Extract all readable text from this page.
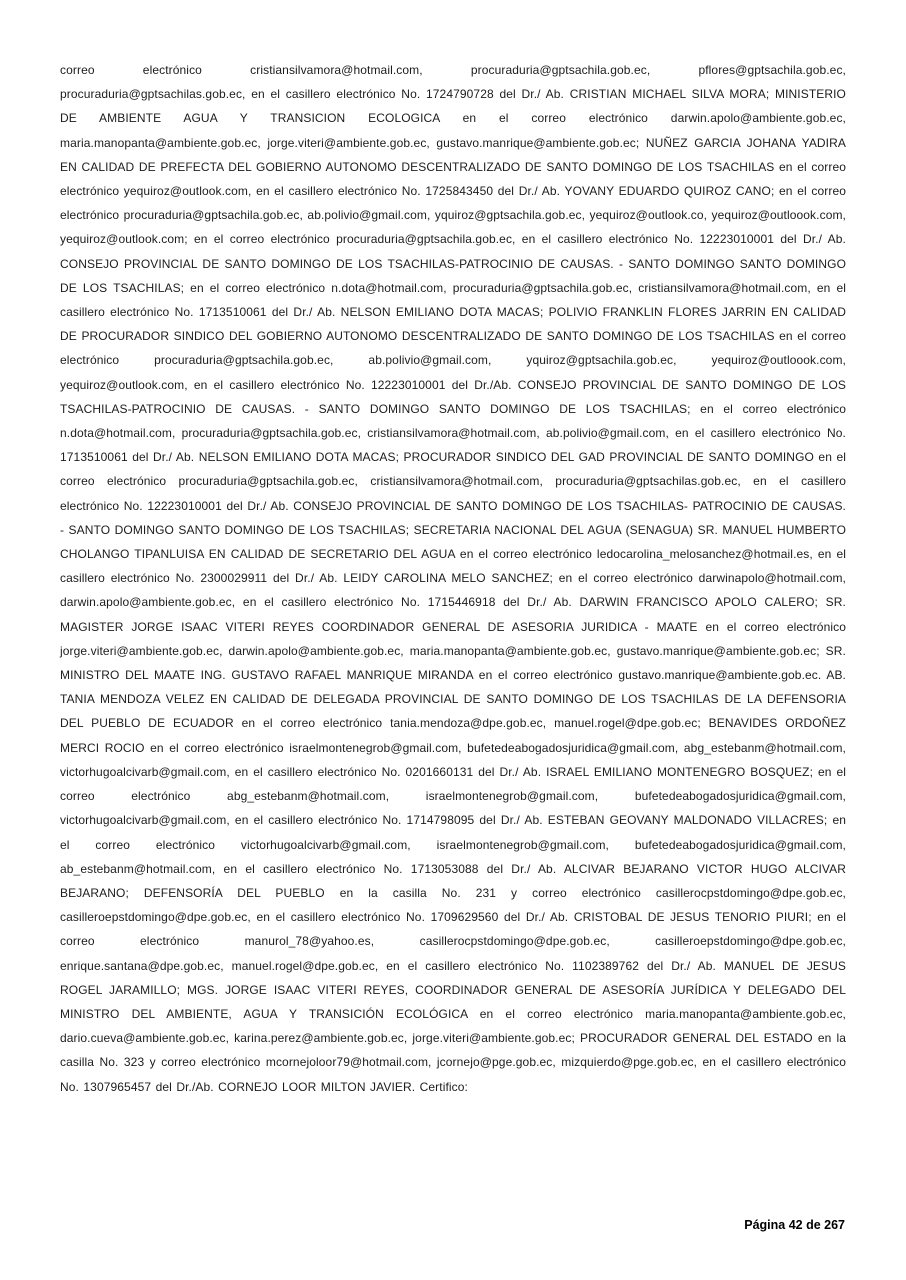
correo electrónico cristiansilvamora@hotmail.com, procuraduria@gptsachila.gob.ec, pflores@gptsachila.gob.ec, procuraduria@gptsachilas.gob.ec, en el casillero electrónico No. 1724790728 del Dr./ Ab. CRISTIAN MICHAEL SILVA MORA; MINISTERIO DE AMBIENTE AGUA Y TRANSICION ECOLOGICA en el correo electrónico darwin.apolo@ambiente.gob.ec, maria.manopanta@ambiente.gob.ec, jorge.viteri@ambiente.gob.ec, gustavo.manrique@ambiente.gob.ec; NUÑEZ GARCIA JOHANA YADIRA EN CALIDAD DE PREFECTA DEL GOBIERNO AUTONOMO DESCENTRALIZADO DE SANTO DOMINGO DE LOS TSACHILAS en el correo electrónico yequiroz@outlook.com, en el casillero electrónico No. 1725843450 del Dr./ Ab. YOVANY EDUARDO QUIROZ CANO; en el correo electrónico procuraduria@gptsachila.gob.ec, ab.polivio@gmail.com, yquiroz@gptsachila.gob.ec, yequiroz@outlook.co, yequiroz@outloook.com, yequiroz@outlook.com; en el correo electrónico procuraduria@gptsachila.gob.ec, en el casillero electrónico No. 12223010001 del Dr./ Ab. CONSEJO PROVINCIAL DE SANTO DOMINGO DE LOS TSACHILAS-PATROCINIO DE CAUSAS. - SANTO DOMINGO SANTO DOMINGO DE LOS TSACHILAS; en el correo electrónico n.dota@hotmail.com, procuraduria@gptsachila.gob.ec, cristiansilvamora@hotmail.com, en el casillero electrónico No. 1713510061 del Dr./ Ab. NELSON EMILIANO DOTA MACAS; POLIVIO FRANKLIN FLORES JARRIN EN CALIDAD DE PROCURADOR SINDICO DEL GOBIERNO AUTONOMO DESCENTRALIZADO DE SANTO DOMINGO DE LOS TSACHILAS en el correo electrónico procuraduria@gptsachila.gob.ec, ab.polivio@gmail.com, yquiroz@gptsachila.gob.ec, yequiroz@outloook.com, yequiroz@outlook.com, en el casillero electrónico No. 12223010001 del Dr./Ab. CONSEJO PROVINCIAL DE SANTO DOMINGO DE LOS TSACHILAS-PATROCINIO DE CAUSAS. - SANTO DOMINGO SANTO DOMINGO DE LOS TSACHILAS; en el correo electrónico n.dota@hotmail.com, procuraduria@gptsachila.gob.ec, cristiansilvamora@hotmail.com, ab.polivio@gmail.com, en el casillero electrónico No. 1713510061 del Dr./ Ab. NELSON EMILIANO DOTA MACAS; PROCURADOR SINDICO DEL GAD PROVINCIAL DE SANTO DOMINGO en el correo electrónico procuraduria@gptsachila.gob.ec, cristiansilvamora@hotmail.com, procuraduria@gptsachilas.gob.ec, en el casillero electrónico No. 12223010001 del Dr./ Ab. CONSEJO PROVINCIAL DE SANTO DOMINGO DE LOS TSACHILAS- PATROCINIO DE CAUSAS. - SANTO DOMINGO SANTO DOMINGO DE LOS TSACHILAS; SECRETARIA NACIONAL DEL AGUA (SENAGUA) SR. MANUEL HUMBERTO CHOLANGO TIPANLUISA EN CALIDAD DE SECRETARIO DEL AGUA en el correo electrónico ledocarolina_melosanchez@hotmail.es, en el casillero electrónico No. 2300029911 del Dr./ Ab. LEIDY CAROLINA MELO SANCHEZ; en el correo electrónico darwinapolo@hotmail.com, darwin.apolo@ambiente.gob.ec, en el casillero electrónico No. 1715446918 del Dr./ Ab. DARWIN FRANCISCO APOLO CALERO; SR. MAGISTER JORGE ISAAC VITERI REYES COORDINADOR GENERAL DE ASESORIA JURIDICA - MAATE en el correo electrónico jorge.viteri@ambiente.gob.ec, darwin.apolo@ambiente.gob.ec, maria.manopanta@ambiente.gob.ec, gustavo.manrique@ambiente.gob.ec; SR. MINISTRO DEL MAATE ING. GUSTAVO RAFAEL MANRIQUE MIRANDA en el correo electrónico gustavo.manrique@ambiente.gob.ec. AB. TANIA MENDOZA VELEZ EN CALIDAD DE DELEGADA PROVINCIAL DE SANTO DOMINGO DE LOS TSACHILAS DE LA DEFENSORIA DEL PUEBLO DE ECUADOR en el correo electrónico tania.mendoza@dpe.gob.ec, manuel.rogel@dpe.gob.ec; BENAVIDES ORDOÑEZ MERCI ROCIO en el correo electrónico israelmontenegrob@gmail.com, bufetedeabogadosjuridica@gmail.com, abg_estebanm@hotmail.com, victorhugoalcivarb@gmail.com, en el casillero electrónico No. 0201660131 del Dr./ Ab. ISRAEL EMILIANO MONTENEGRO BOSQUEZ; en el correo electrónico abg_estebanm@hotmail.com, israelmontenegrob@gmail.com, bufetedeabogadosjuridica@gmail.com, victorhugoalcivarb@gmail.com, en el casillero electrónico No. 1714798095 del Dr./ Ab. ESTEBAN GEOVANY MALDONADO VILLACRES; en el correo electrónico victorhugoalcivarb@gmail.com, israelmontenegrob@gmail.com, bufetedeabogadosjuridica@gmail.com, ab_estebanm@hotmail.com, en el casillero electrónico No. 1713053088 del Dr./ Ab. ALCIVAR BEJARANO VICTOR HUGO ALCIVAR BEJARANO; DEFENSORÍA DEL PUEBLO en la casilla No. 231 y correo electrónico casillerocpstdomingo@dpe.gob.ec, casilleroepstdomingo@dpe.gob.ec, en el casillero electrónico No. 1709629560 del Dr./ Ab. CRISTOBAL DE JESUS TENORIO PIURI; en el correo electrónico manurol_78@yahoo.es, casillerocpstdomingo@dpe.gob.ec, casilleroepstdomingo@dpe.gob.ec, enrique.santana@dpe.gob.ec, manuel.rogel@dpe.gob.ec, en el casillero electrónico No. 1102389762 del Dr./ Ab. MANUEL DE JESUS ROGEL JARAMILLO; MGS. JORGE ISAAC VITERI REYES, COORDINADOR GENERAL DE ASESORÍA JURÍDICA Y DELEGADO DEL MINISTRO DEL AMBIENTE, AGUA Y TRANSICIÓN ECOLÓGICA en el correo electrónico maria.manopanta@ambiente.gob.ec, dario.cueva@ambiente.gob.ec, karina.perez@ambiente.gob.ec, jorge.viteri@ambiente.gob.ec; PROCURADOR GENERAL DEL ESTADO en la casilla No. 323 y correo electrónico mcornejoloor79@hotmail.com, jcornejo@pge.gob.ec, mizquierdo@pge.gob.ec, en el casillero electrónico No. 1307965457 del Dr./Ab. CORNEJO LOOR MILTON JAVIER. Certifico:

Página 42 de 267
